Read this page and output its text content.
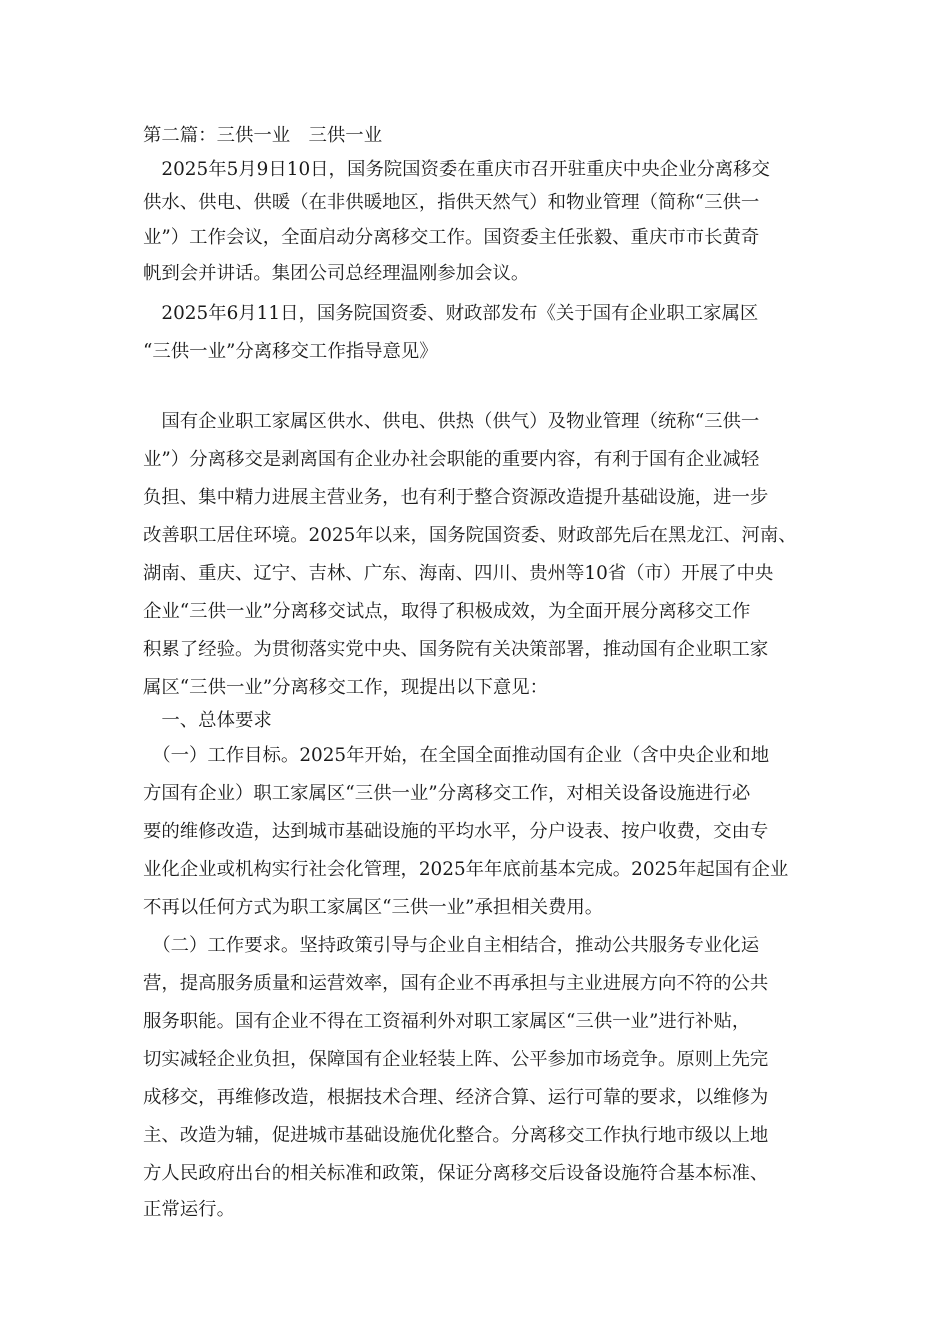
第二篇：三供一业　三供一业
　2025年5月9日10日，国务院国资委在重庆市召开驻重庆中央企业分离移交
供水、供电、供暖（在非供暖地区，指供天然气）和物业管理（简称“三供一
业”）工作会议，全面启动分离移交工作。国资委主任张毅、重庆市市长黄奇
帆到会并讲话。集团公司总经理温刚参加会议。
　2025年6月11日，国务院国资委、财政部发布《关于国有企业职工家属区
“三供一业”分离移交工作指导意见》
　国有企业职工家属区供水、供电、供热（供气）及物业管理（统称“三供一
业”）分离移交是剥离国有企业办社会职能的重要内容，有利于国有企业减轻
负担、集中精力进展主营业务，也有利于整合资源改造提升基础设施，进一步
改善职工居住环境。2025年以来，国务院国资委、财政部先后在黑龙江、河南、
湖南、重庆、辽宁、吉林、广东、海南、四川、贵州等10省（市）开展了中央
企业“三供一业”分离移交试点，取得了积极成效，为全面开展分离移交工作
积累了经验。为贯彻落实党中央、国务院有关决策部署，推动国有企业职工家
属区“三供一业”分离移交工作，现提出以下意见：
　一、总体要求
　（一）工作目标。2025年开始，在全国全面推动国有企业（含中央企业和地
方国有企业）职工家属区“三供一业”分离移交工作，对相关设备设施进行必
要的维修改造，达到城市基础设施的平均水平，分户设表、按户收费，交由专
业化企业或机构实行社会化管理，2025年年底前基本完成。2025年起国有企业
不再以任何方式为职工家属区“三供一业”承担相关费用。
　（二）工作要求。坚持政策引导与企业自主相结合，推动公共服务专业化运
营，提高服务质量和运营效率，国有企业不再承担与主业进展方向不符的公共
服务职能。国有企业不得在工资福利外对职工家属区“三供一业”进行补贴，
切实减轻企业负担，保障国有企业轻装上阵、公平参加市场竞争。原则上先完
成移交，再维修改造，根据技术合理、经济合算、运行可靠的要求，以维修为
主、改造为辅，促进城市基础设施优化整合。分离移交工作执行地市级以上地
方人民政府出台的相关标准和政策，保证分离移交后设备设施符合基本标准、
正常运行。
